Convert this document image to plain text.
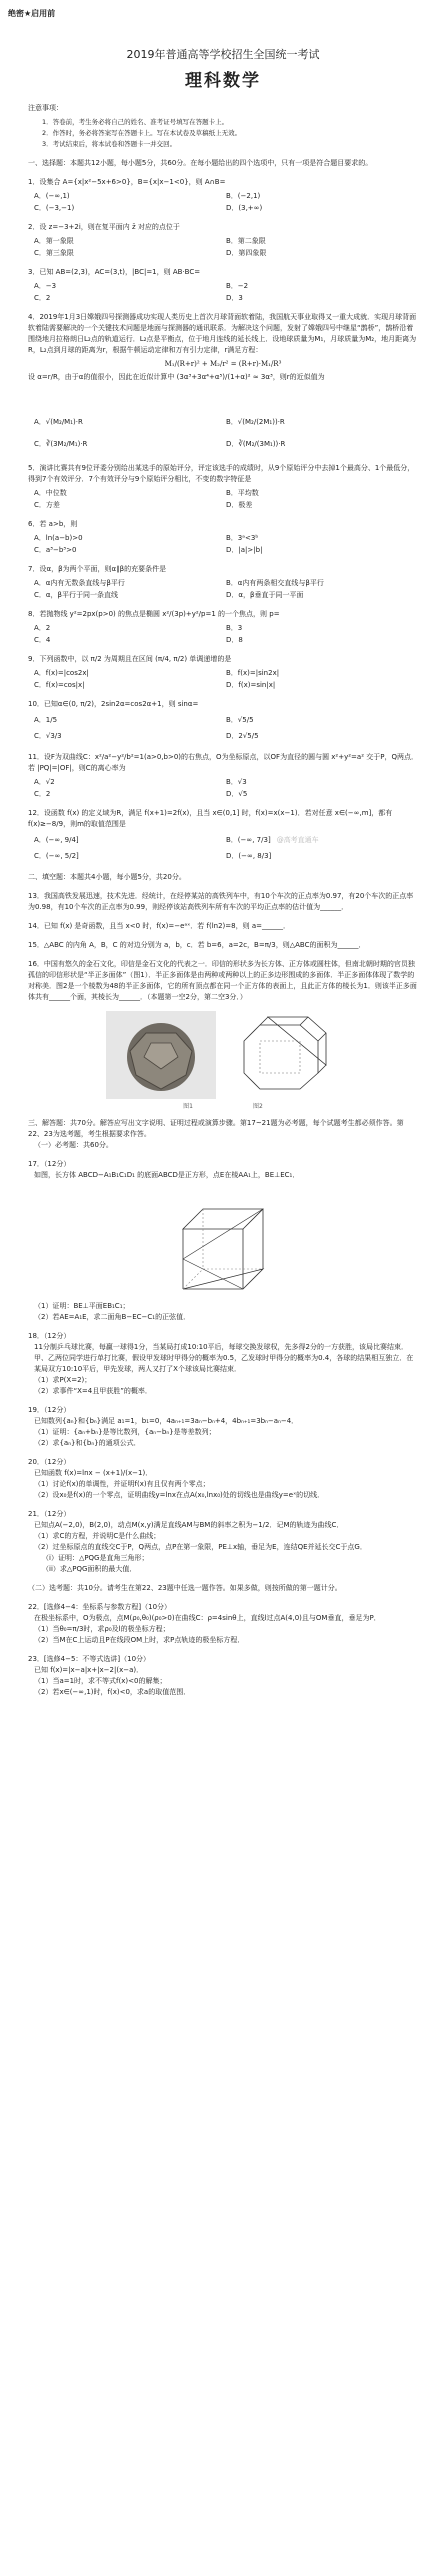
绝密★启用前
2019年普通高等学校招生全国统一考试
理科数学
注意事项：
1．答卷前，考生务必将自己的姓名、准考证号填写在答题卡上。
2．作答时，务必将答案写在答题卡上。写在本试卷及草稿纸上无效。
3．考试结束后，将本试卷和答题卡一并交回。
一、选择题：本题共12小题，每小题5分，共60分。在每小题给出的四个选项中，只有一项是符合题目要求的。
1．设集合 A={x|x²−5x+6>0}，B={x|x−1<0}，则 A∩B=
A．(−∞,1)	B．(−2,1)
C．(−3,−1)	D．(3,+∞)
2．设 z=−3+2i，则在复平面内 z̄ 对应的点位于
A．第一象限	B．第二象限
C．第三象限	D．第四象限
3．已知 AB=(2,3)，AC=(3,t)，|BC|=1，则 AB·BC=
A．−3	B．−2
C．2	D．3
4．2019年1月3日嫦娥四号探测器成功实现人类历史上首次月球背面软着陆，我国航天事业取得又一重大成就．实现月球背面软着陆需要解决的一个关键技术问题是地面与探测器的通讯联系．为解决这个问题，发射了嫦娥四号中继星“鹊桥”，鹊桥沿着围绕地月拉格朗日L₂点的轨道运行．L₂点是平衡点，位于地月连线的延长线上．设地球质量为M₁，月球质量为M₂，地月距离为R，L₂点到月球的距离为r，根据牛顿运动定律和万有引力定律，r满足方程：
M₁/(R+r)² + M₂/r² = (R+r)·M₁/R³
设 α=r/R，由于α的值很小，因此在近似计算中 (3α³+3α⁴+α⁵)/(1+α)² ≈ 3α³，则r的近似值为
A．√(M₂/M₁)·R	B．√(M₂/(2M₁))·R
C．∛(3M₂/M₁)·R	D．∛(M₂/(3M₁))·R
5．演讲比赛共有9位评委分别给出某选手的原始评分，评定该选手的成绩时，从9个原始评分中去掉1个最高分、1个最低分，得到7个有效评分．7个有效评分与9个原始评分相比，不变的数字特征是
A．中位数	B．平均数
C．方差	D．极差
6．若 a>b，则
A．ln(a−b)>0	B．3ᵃ<3ᵇ
C．a³−b³>0	D．|a|>|b|
7．设α，β为两个平面，则α∥β的充要条件是
A．α内有无数条直线与β平行	B．α内有两条相交直线与β平行
C．α，β平行于同一条直线	D．α，β垂直于同一平面
8．若抛物线 y²=2px(p>0) 的焦点是椭圆 x²/(3p)+y²/p=1 的一个焦点，则 p=
A．2	B．3
C．4	D．8
9．下列函数中，以 π/2 为周期且在区间 (π/4, π/2) 单调递增的是
A．f(x)=|cos2x|	B．f(x)=|sin2x|
C．f(x)=cos|x|	D．f(x)=sin|x|
10．已知α∈(0, π/2)，2sin2α=cos2α+1，则 sinα=
A．1/5	B．√5/5
C．√3/3	D．2√5/5
11．设F为双曲线C：x²/a²−y²/b²=1(a>0,b>0)的右焦点，O为坐标原点，以OF为直径的圆与圆 x²+y²=a² 交于P，Q两点．若 |PQ|=|OF|，则C的离心率为
A．√2	B．√3
C．2	D．√5
12．设函数 f(x) 的定义域为R，满足 f(x+1)=2f(x)，且当 x∈(0,1] 时，f(x)=x(x−1)．若对任意 x∈(−∞,m]，都有 f(x)≥−8/9，则m的取值范围是
A．(−∞, 9/4]	B．(−∞, 7/3] @高考直通车
C．(−∞, 5/2]	D．(−∞, 8/3]
二、填空题：本题共4小题，每小题5分，共20分。
13．我国高铁发展迅速，技术先进．经统计，在经停某站的高铁列车中，有10个车次的正点率为0.97，有20个车次的正点率为0.98，有10个车次的正点率为0.99，则经停该站高铁列车所有车次的平均正点率的估计值为______．
14．已知 f(x) 是奇函数，且当 x<0 时，f(x)=−eᵃˣ．若 f(ln2)=8，则 a=______．
15．△ABC 的内角 A，B，C 的对边分别为 a，b，c．若 b=6，a=2c，B=π/3，则△ABC的面积为______．
16．中国有悠久的金石文化，印信是金石文化的代表之一．印信的形状多为长方体、正方体或圆柱体，但南北朝时期的官员独孤信的印信形状是“半正多面体”（图1）．半正多面体是由两种或两种以上的正多边形围成的多面体．半正多面体体现了数学的对称美．图2是一个棱数为48的半正多面体，它的所有顶点都在同一个正方体的表面上，且此正方体的棱长为1．则该半正多面体共有______个面，其棱长为______．（本题第一空2分，第二空3分．）
图1	图2
三、解答题：共70分。解答应写出文字说明、证明过程或演算步骤。第17~21题为必考题，每个试题考生都必须作答。第22、23为选考题，考生根据要求作答。
（一）必考题：共60分。
17．（12分）
如图，长方体 ABCD−A₁B₁C₁D₁ 的底面ABCD是正方形，点E在棱AA₁上，BE⊥EC₁．
（1）证明：BE⊥平面EB₁C₁；
（2）若AE=A₁E，求二面角B−EC−C₁的正弦值．
18．（12分）
11分制乒乓球比赛，每赢一球得1分，当某局打成10:10平后，每球交换发球权，先多得2分的一方获胜，该局比赛结束．甲、乙两位同学进行单打比赛，假设甲发球时甲得分的概率为0.5，乙发球时甲得分的概率为0.4，各球的结果相互独立．在某局双方10:10平后，甲先发球，两人又打了X个球该局比赛结束．
（1）求P(X=2)；
（2）求事件“X=4且甲获胜”的概率．
19．（12分）
已知数列{aₙ}和{bₙ}满足 a₁=1，b₁=0，4aₙ₊₁=3aₙ−bₙ+4，4bₙ₊₁=3bₙ−aₙ−4．
（1）证明：{aₙ+bₙ}是等比数列，{aₙ−bₙ}是等差数列；
（2）求{aₙ}和{bₙ}的通项公式．
20．（12分）
已知函数 f(x)=lnx − (x+1)/(x−1)．
（1）讨论f(x)的单调性，并证明f(x)有且仅有两个零点；
（2）设x₀是f(x)的一个零点，证明曲线y=lnx在点A(x₀,lnx₀)处的切线也是曲线y=eˣ的切线．
21．（12分）
已知点A(−2,0)，B(2,0)，动点M(x,y)满足直线AM与BM的斜率之积为−1/2．记M的轨迹为曲线C．
（1）求C的方程，并说明C是什么曲线；
（2）过坐标原点的直线交C于P，Q两点，点P在第一象限，PE⊥x轴，垂足为E，连结QE并延长交C于点G．
（i）证明：△PQG是直角三角形；
（ii）求△PQG面积的最大值．
（二）选考题：共10分。请考生在第22、23题中任选一题作答。如果多做，则按所做的第一题计分。
22．[选修4−4：坐标系与参数方程]（10分）
在极坐标系中，O为极点，点M(ρ₀,θ₀)(ρ₀>0)在曲线C：ρ=4sinθ上，直线l过点A(4,0)且与OM垂直，垂足为P．
（1）当θ₀=π/3时，求ρ₀及l的极坐标方程；
（2）当M在C上运动且P在线段OM上时，求P点轨迹的极坐标方程．
23．[选修4−5：不等式选讲]（10分）
已知 f(x)=|x−a|x+|x−2|(x−a)．
（1）当a=1时，求不等式f(x)<0的解集；
（2）若x∈(−∞,1)时，f(x)<0，求a的取值范围．
